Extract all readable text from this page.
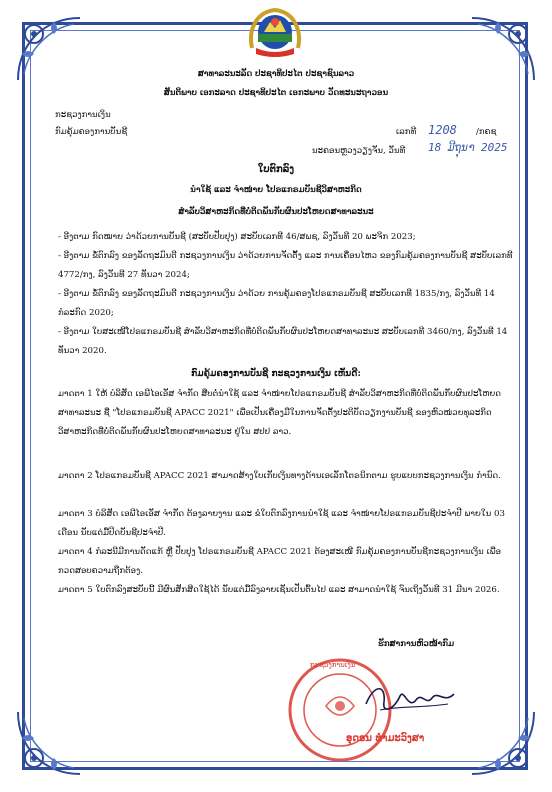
ສາທາລະນະລັດ ປະຊາທິປະໄຕ ປະຊາຊົນລາວ
ສັນຕິພາບ ເອກະລາດ ປະຊາທິປະໄຕ ເອກະພາບ ວັດທະນະຖາວອນ
ກະຊວງການເງິນ
ກົມຄຸ້ມຄອງການບັນຊີ	ເລກທີ 1208 /ກຄຊ
ນະຄອນຫຼວງວຽງຈັນ, ວັນທີ 18 ມີຖຸນາ 2025
ໃບຕົກລົງ
ນຳໃຊ້ ແລະ ຈຳໜ່າຍ ໂປຣແກຣມບັນຊີວິສາຫະກິດ
ສຳລັບວິສາຫະກິດທີ່ບໍ່ຕິດພັນກັບຜົນປະໂຫຍດສາທາລະນະ
- ອີງຕາມ ກົດໝາຍ ວ່າດ້ວຍການບັນຊີ (ສະບັບປັບປຸງ) ສະບັບເລກທີ 46/ສພຊ, ລົງວັນທີ 20 ພະຈິກ 2023;
- ອີງຕາມ ຂໍ້ຕົກລົງ ຂອງລັດຖະມົນຕີ ກະຊວງການເງິນ ວ່າດ້ວຍການຈັດຕັ້ງ ແລະ ການເຄື່ອນໄຫວ ຂອງກົມຄຸ້ມຄອງການບັນຊີ ສະບັບເລກທີ 4772/ກງ, ລົງວັນທີ 27 ທັນວາ 2024;
- ອີງຕາມ ຂໍ້ຕົກລົງ ຂອງລັດຖະມົນຕີ ກະຊວງການເງິນ ວ່າດ້ວຍ ການຄຸ້ມຄອງໂປຣແກຣມບັນຊີ ສະບັບເລກທີ 1835/ກງ, ລົງວັນທີ 14 ກໍລະກົດ 2020;
- ອີງຕາມ ໃບສະເໜີໂປຣແກຣມບັນຊີ ສຳລັບວິສາຫະກິດທີ່ບໍ່ຕິດພັນກັບຜົນປະໂຫຍດສາທາລະນະ ສະບັບເລກທີ 3460/ກງ, ລົງວັນທີ 14 ທັນວາ 2020.
ກົມຄຸ້ມຄອງການບັນຊີ ກະຊວງການເງິນ ເຫັນດີ:
ມາດຕາ 1 ໃຫ້ ບໍລິສັດ ເອພີໄອເອັສ ຈຳກັດ ສືບຕໍ່ນຳໃຊ້ ແລະ ຈຳໜ່າຍໂປຣແກຣມບັນຊີ ສຳລັບວິສາຫະກິດທີ່ບໍ່ຕິດພັນກັບຜົນປະໂຫຍດສາທາລະນະ ຊື່ "ໂປຣແກຣມບັນຊີ APACC 2021" ເພື່ອເປັນເຄື່ອງມືໃນການຈັດຕັ້ງປະຕິບັດວຽກງານບັນຊີ ຂອງຫົວໜ່ວຍທຸລະກິດວິສາຫະກິດທີ່ບໍ່ຕິດພັນກັບຜົນປະໂຫຍດສາທາລະນະ ຢູ່ໃນ ສປປ ລາວ.
ມາດຕາ 2 ໂປຣແກຣມບັນຊີ APACC 2021 ສາມາດສ້າງໃບເກັບເງິນທາງດ້ານເອເລັກໂຕຣນິກຕາມ ຮູບແບບກະຊວງການເງິນ ກຳນົດ.
ມາດຕາ 3 ບໍລິສັດ ເອພີໄອເອັສ ຈຳກັດ ຕ້ອງລາຍງານ ແລະ ຂໍໃບຕົກລົງການນຳໃຊ້ ແລະ ຈຳໜ່າຍໂປຣແກຣມບັນຊີປະຈຳປີ ພາຍໃນ 03 ເດືອນ ນັບແຕ່ມື້ປິດບັນຊີປະຈຳປີ.
ມາດຕາ 4 ກໍລະນີມີການດັດແກ້ ຫຼື ປັບປຸງ ໂປຣແກຣມບັນຊີ APACC 2021 ຕ້ອງສະເໜີ ກົມຄຸ້ມຄອງການບັນຊີກະຊວງການເງິນ ເພື່ອກວດສອບຄວາມຖືກຕ້ອງ.
ມາດຕາ 5 ໃບຕົກລົງສະບັບນີ້ ມີຜົນສັກສິດໃຊ້ໄດ້ ນັບແຕ່ມື້ລົງລາຍເຊັນເປັນຕົ້ນໄປ ແລະ ສາມາດນຳໃຊ້ ຈົນເຖິງວັນທີ 31 ມີນາ 2026.
ຮັກສາການຫົວໜ້າກົມ
ກະຊວງການເງິນ
ອຸດອນ ທຳມະວົງສາ
